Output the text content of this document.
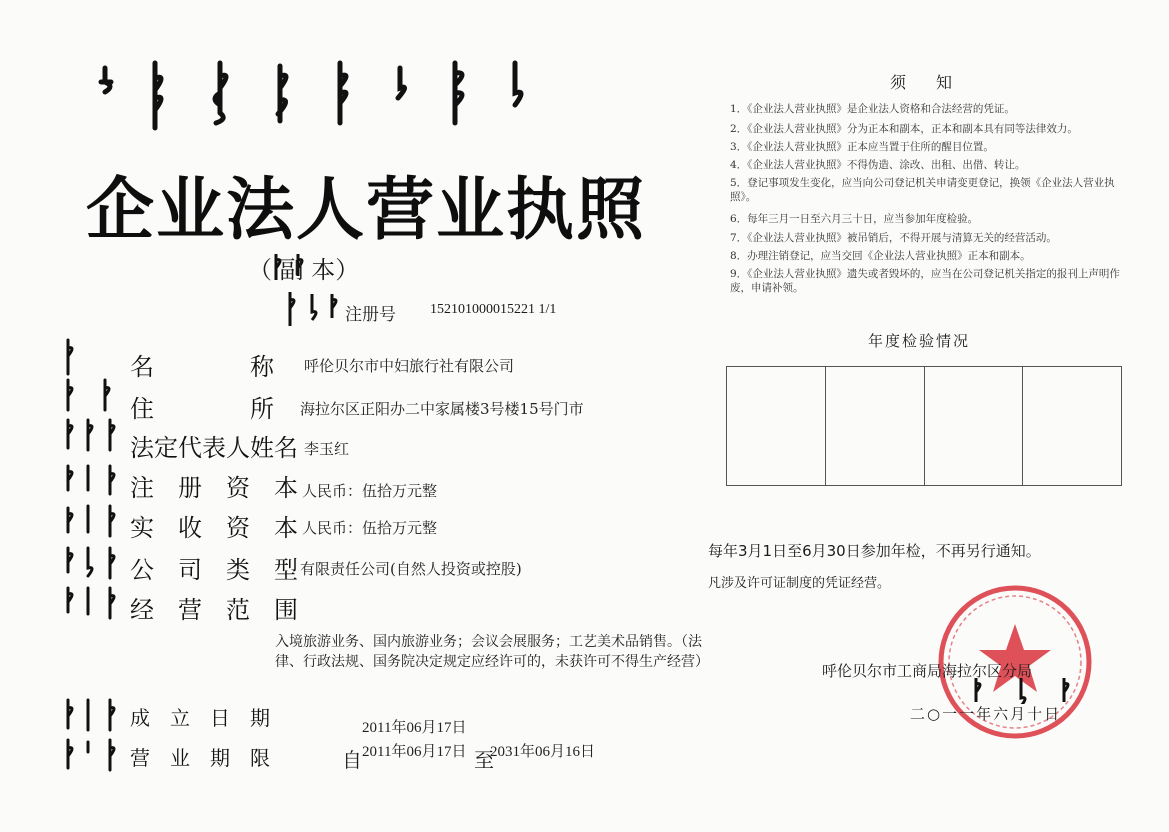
企业法人营业执照
（ 副 本）
注册号 152101000015221 1/1
名　　　　称 呼伦贝尔市中妇旅行社有限公司
住　　　　所 海拉尔区正阳办二中家属楼3号楼15号门市
法定代表人姓名 李玉红
注　册　资　本 人民币：伍拾万元整
实　收　资　本 人民币：伍拾万元整
公　司　类　型 有限责任公司(自然人投资或控股)
经　营　范　围
入境旅游业务、国内旅游业务；会议会展服务；工艺美术品销售。（法律、行政法规、国务院决定规定应经许可的，未获许可不得生产经营）
成　立　日　期	2011年06月17日
营　业　期　限	自 2011年06月17日 至
2031年06月16日
须知
1．《企业法人营业执照》是企业法人资格和合法经营的凭证。
2．《企业法人营业执照》分为正本和副本，正本和副本具有同等法律效力。
3．《企业法人营业执照》正本应当置于住所的醒目位置。
4．《企业法人营业执照》不得伪造、涂改、出租、出借、转让。
5．登记事项发生变化，应当向公司登记机关申请变更登记，换领《企业法人营业执照》。
6．每年三月一日至六月三十日，应当参加年度检验。
7．《企业法人营业执照》被吊销后，不得开展与清算无关的经营活动。
8．办理注销登记，应当交回《企业法人营业执照》正本和副本。
9．《企业法人营业执照》遗失或者毁坏的，应当在公司登记机关指定的报刊上声明作废，申请补领。
年度检验情况
每年3月1日至6月30日参加年检，不再另行通知。
凡涉及许可证制度的凭证经营。
呼伦贝尔市工商局海拉尔区分局
二○一一年六月十日
